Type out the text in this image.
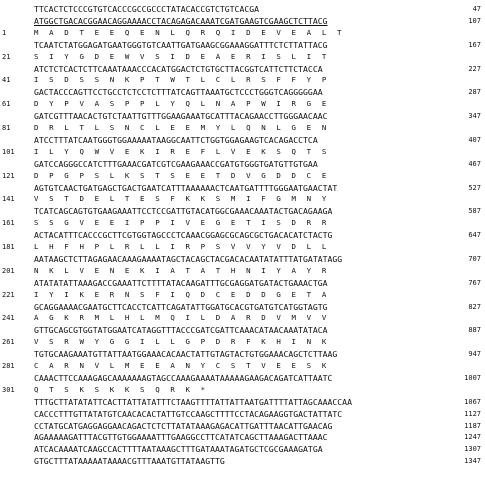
TTCACTCTCCCGTGTCACCCGCCGCCCTATACACCGTCTGTCACGA	47
ATGGCTGACACGGAACAGGAAAACCTACAGAGACAAATCGATGAAGTCGAAGCTCTTACG	107
1	M  A  D  T  E  E  Q  E  N  L  Q  R  Q  I  D  E  V  E  A  L  T
TCAATCTATGGAGATGAATGGGTGTCAATTGATGAAGCGGAAAGGATTTCTCTTATTACG	167
21	S  I  Y  G  D  E  W  V  S  I  D  E  A  E  R  I  S  L  I  T
ATCTCTCACTCTTCAAATAAACCCACATGGACTCTGTGCTTACGGTCATTCTTCTACCA	227
41	I  S  D  S  S  N  K  P  T  W  T  L  C  L  R  S  F  F  Y  P
GACTACCCAGTTCCTGCCTCTCCTCTTTATCAGTTAAATGCTCCCTGGGTCAGGGGGAA	287
61	D  Y  P  V  A  S  P  P  L  Y  Q  L  N  A  P  W  I  R  G  E
GATCGTTTAACACTGTCTAATTGTTTGGAAGAAATGCATTTACAGAACCTTGGGAACAAC	347
81	D  R  L  T  L  S  N  C  L  E  E  M  Y  L  Q  N  L  G  E  N
ATCCTTTATCAATGGGTGGAAAAATAAGGCAATTCTGGTGGAGAAGTCACAGACCTCA	407
101	I  L  Y  Q  W  V  E  K  I  R  E  F  L  V  E  K  S  Q  T  S
GATCCAGGGCCATCTTTGAAACGATCGTCGAAGAAACCGATGTGGGTGATGTTGTGAA	467
121	D  P  G  P  S  L  K  S  T  S  E  E  T  D  V  G  D  D  C  E
AGTGTCAACTGATGAGCTGACTGAATCATTTAAAAAACTCAATGATTTTGGGAATGAACTAT	527
141	V  S  T  D  E  L  T  E  S  F  K  K  S  M  I  F  G  M  N  Y
TCATCAGCAGTGTGAAGAAATTCCTCCGATTGTACATGGCGAAACAAATACTGACAGAAGA	587
161	S  S  G  V  E  E  I  P  P  I  V  E  G  E  T  I  S  D  R  R
ACTACATTTCACCCGCTTCGTGGTAGCCCTCAAACGGAGCGCAGCGCTGACACATCTACTG	647
181	L  H  F  H  P  L  R  L  L  I  R  P  S  V  V  Y  V  D  L  L
AATAAGCTCTTAGAGAACAAAGAAAATAGCTACAGCTACGACACAATATATTTATGATATAGG	707
201	N  K  L  V  E  N  E  K  I  A  T  A  T  H  N  I  Y  A  Y  R
ATATATATTAAAGACCGAAATTCTTTTATACAAGATTTGCGAGGATGATACTGAAACTGA	767
221	I  Y  I  K  E  R  N  S  F  I  Q  D  C  E  D  D  G  E  T  A
GCAGGAAAACGAATGCTTCACCTCATTCAGATATTGGATGCACGTGATGTCATGGTAGTG	827
241	A  G  K  R  M  L  H  L  M  Q  I  L  D  A  R  D  V  M  V  V
GTTGCAGCGTGGTATGGAATCATAGGTTTACCCGATCGATTCAAACATAACAAATATACA	887
261	V  S  R  W  Y  G  G  I  L  L  G  P  D  R  F  K  H  I  N  K
TGTGCAAGAAATGTTATTAATGGAAACACAACTATTGTAGTACTGTGGAAACAGCTCTTAAG	947
281	C  A  R  N  V  L  M  E  E  A  N  Y  C  S  T  V  E  E  S  K
CAAACTTCCAAAGAGCAAAAAAAGTAGCCAAAGAAAATAAAAAGAAGACAGATCATTAATC	1007
301	Q  T  S  K  S  K  K  S  Q  R  K  *
TTTGCTTATATATTCACTTATTATATTTCTAAGTTTTATTATTAATGATTTTATTAGCAAACCAA	1067
CACCCTTTGTTATATGTCAACACACTATTGTCCAAGCTTTTCCTACAGAAGGTGACTATTATC	1127
CCTATGCATGAGGAGGAACAGACTCTCTTATATAAAGAGACATTGATTTAACATTGAACAG	1187
AGAAAAAGATTTACGTTGTGGAAAATTTGAAGGCCTTCATATCAGCTTAAAGACTTAAAC	1247
ATCACAAAATCAAGCCACTTTTAATAAAGCTTTGATAAATAGATGCTCGCGAAAGATGA	1307
GTGCTTTATAAAAATAAAACGTTTAAATGTTATAAGTTG	1347
